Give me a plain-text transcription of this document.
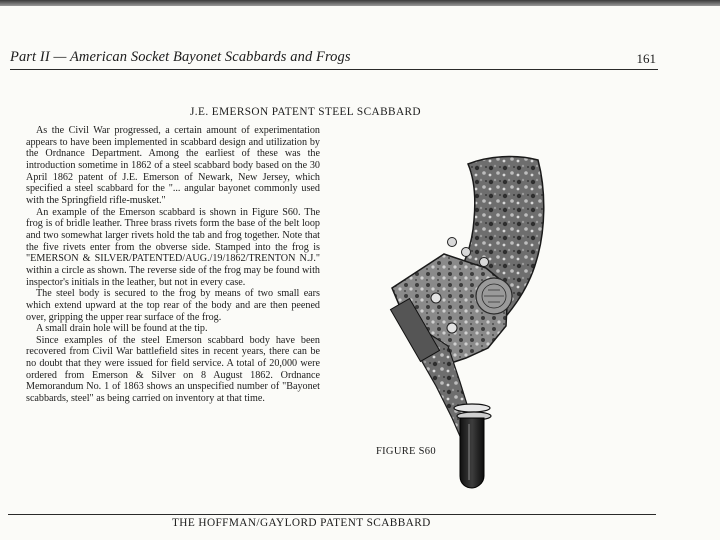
Part II — American Socket Bayonet Scabbards and Frogs	161
J.E. EMERSON PATENT STEEL SCABBARD

As the Civil War progressed, a certain amount of experimentation appears to have been implemented in scabbard design and utilization by the Ordnance Department. Among the earliest of these was the introduction sometime in 1862 of a steel scabbard body based on the 30 April 1862 patent of J.E. Emerson of Newark, New Jersey, which specified a steel scabbard for the "... angular bayonet commonly used with the Springfield rifle-musket."

An example of the Emerson scabbard is shown in Figure S60. The frog is of bridle leather. Three brass rivets form the base of the belt loop and two somewhat larger rivets hold the tab and frog together. Note that the five rivets enter from the obverse side. Stamped into the frog is "EMERSON & SILVER/PATENTED/AUG./19/1862/TRENTON N.J." within a circle as shown. The reverse side of the frog may be found with inspector's initials in the leather, but not in every case.

The steel body is secured to the frog by means of two small ears which extend upward at the top rear of the body and are then peened over, gripping the upper rear surface of the frog.

A small drain hole will be found at the tip.

Since examples of the steel Emerson scabbard body have been recovered from Civil War battlefield sites in recent years, there can be no doubt that they were issued for field service. A total of 20,000 were ordered from Emerson & Silver on 8 August 1862. Ordnance Memorandum No. 1 of 1863 shows an unspecified number of "Bayonet scabbards, steel" as being carried on inventory at that time.

FIGURE S60
THE HOFFMAN/GAYLORD PATENT SCABBARD
